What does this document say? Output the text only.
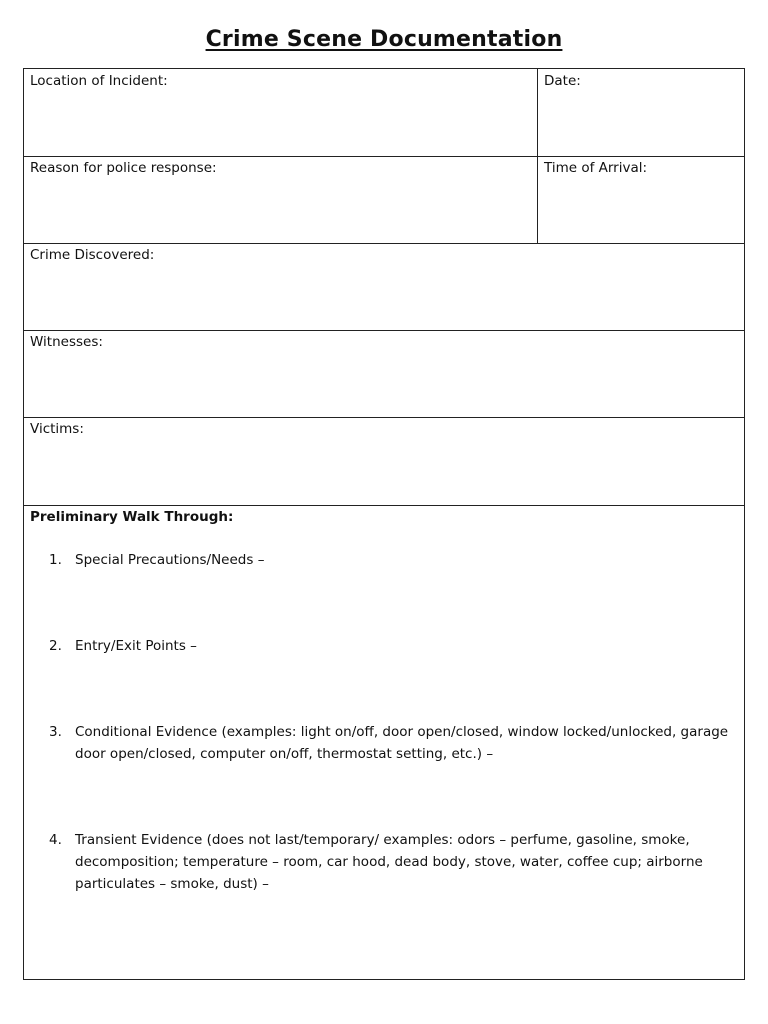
Crime Scene Documentation
Location of Incident:	Date:
Reason for police response:	Time of Arrival:
Crime Discovered:
Witnesses:
Victims:
Preliminary Walk Through:
1. Special Precautions/Needs –
2. Entry/Exit Points –
3. Conditional Evidence (examples: light on/off, door open/closed, window locked/unlocked, garage door open/closed, computer on/off, thermostat setting, etc.) –
4. Transient Evidence (does not last/temporary/ examples: odors – perfume, gasoline, smoke, decomposition; temperature – room, car hood, dead body, stove, water, coffee cup; airborne particulates – smoke, dust) –
